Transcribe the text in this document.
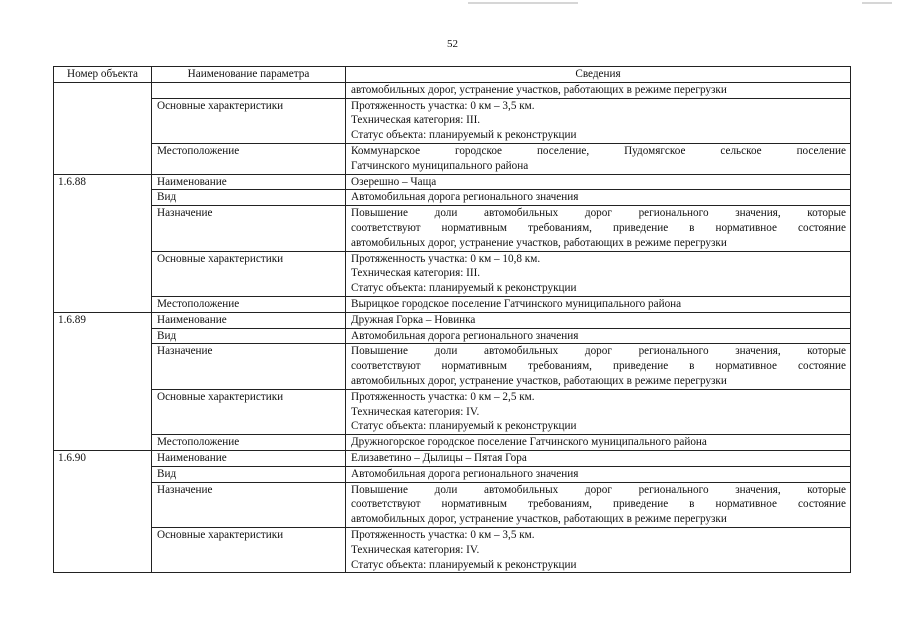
52
Номер объекта	Наименование параметра	Сведения

		автомобильных дорог, устранение участков, работающих в режиме перегрузки

	Основные характеристики	Протяженность участка: 0 км – 3,5 км.
Техническая категория: III.
Статус объекта: планируемый к реконструкции

	Местоположение	Коммунарское городское поселение, Пудомягское сельское поселение
Гатчинского муниципального района

1.6.88	Наименование	Озерешно – Чаща

	Вид	Автомобильная дорога регионального значения

	Назначение	Повышение доли автомобильных дорог регионального значения, которые
соответствуют нормативным требованиям, приведение в нормативное состояние
автомобильных дорог, устранение участков, работающих в режиме перегрузки

	Основные характеристики	Протяженность участка: 0 км – 10,8 км.
Техническая категория: III.
Статус объекта: планируемый к реконструкции

	Местоположение	Вырицкое городское поселение Гатчинского муниципального района

1.6.89	Наименование	Дружная Горка – Новинка

	Вид	Автомобильная дорога регионального значения

	Назначение	Повышение доли автомобильных дорог регионального значения, которые
соответствуют нормативным требованиям, приведение в нормативное состояние
автомобильных дорог, устранение участков, работающих в режиме перегрузки

	Основные характеристики	Протяженность участка: 0 км – 2,5 км.
Техническая категория: IV.
Статус объекта: планируемый к реконструкции

	Местоположение	Дружногорское городское поселение Гатчинского муниципального района

1.6.90	Наименование	Елизаветино – Дылицы – Пятая Гора

	Вид	Автомобильная дорога регионального значения

	Назначение	Повышение доли автомобильных дорог регионального значения, которые
соответствуют нормативным требованиям, приведение в нормативное состояние
автомобильных дорог, устранение участков, работающих в режиме перегрузки

	Основные характеристики	Протяженность участка: 0 км – 3,5 км.
Техническая категория: IV.
Статус объекта: планируемый к реконструкции
